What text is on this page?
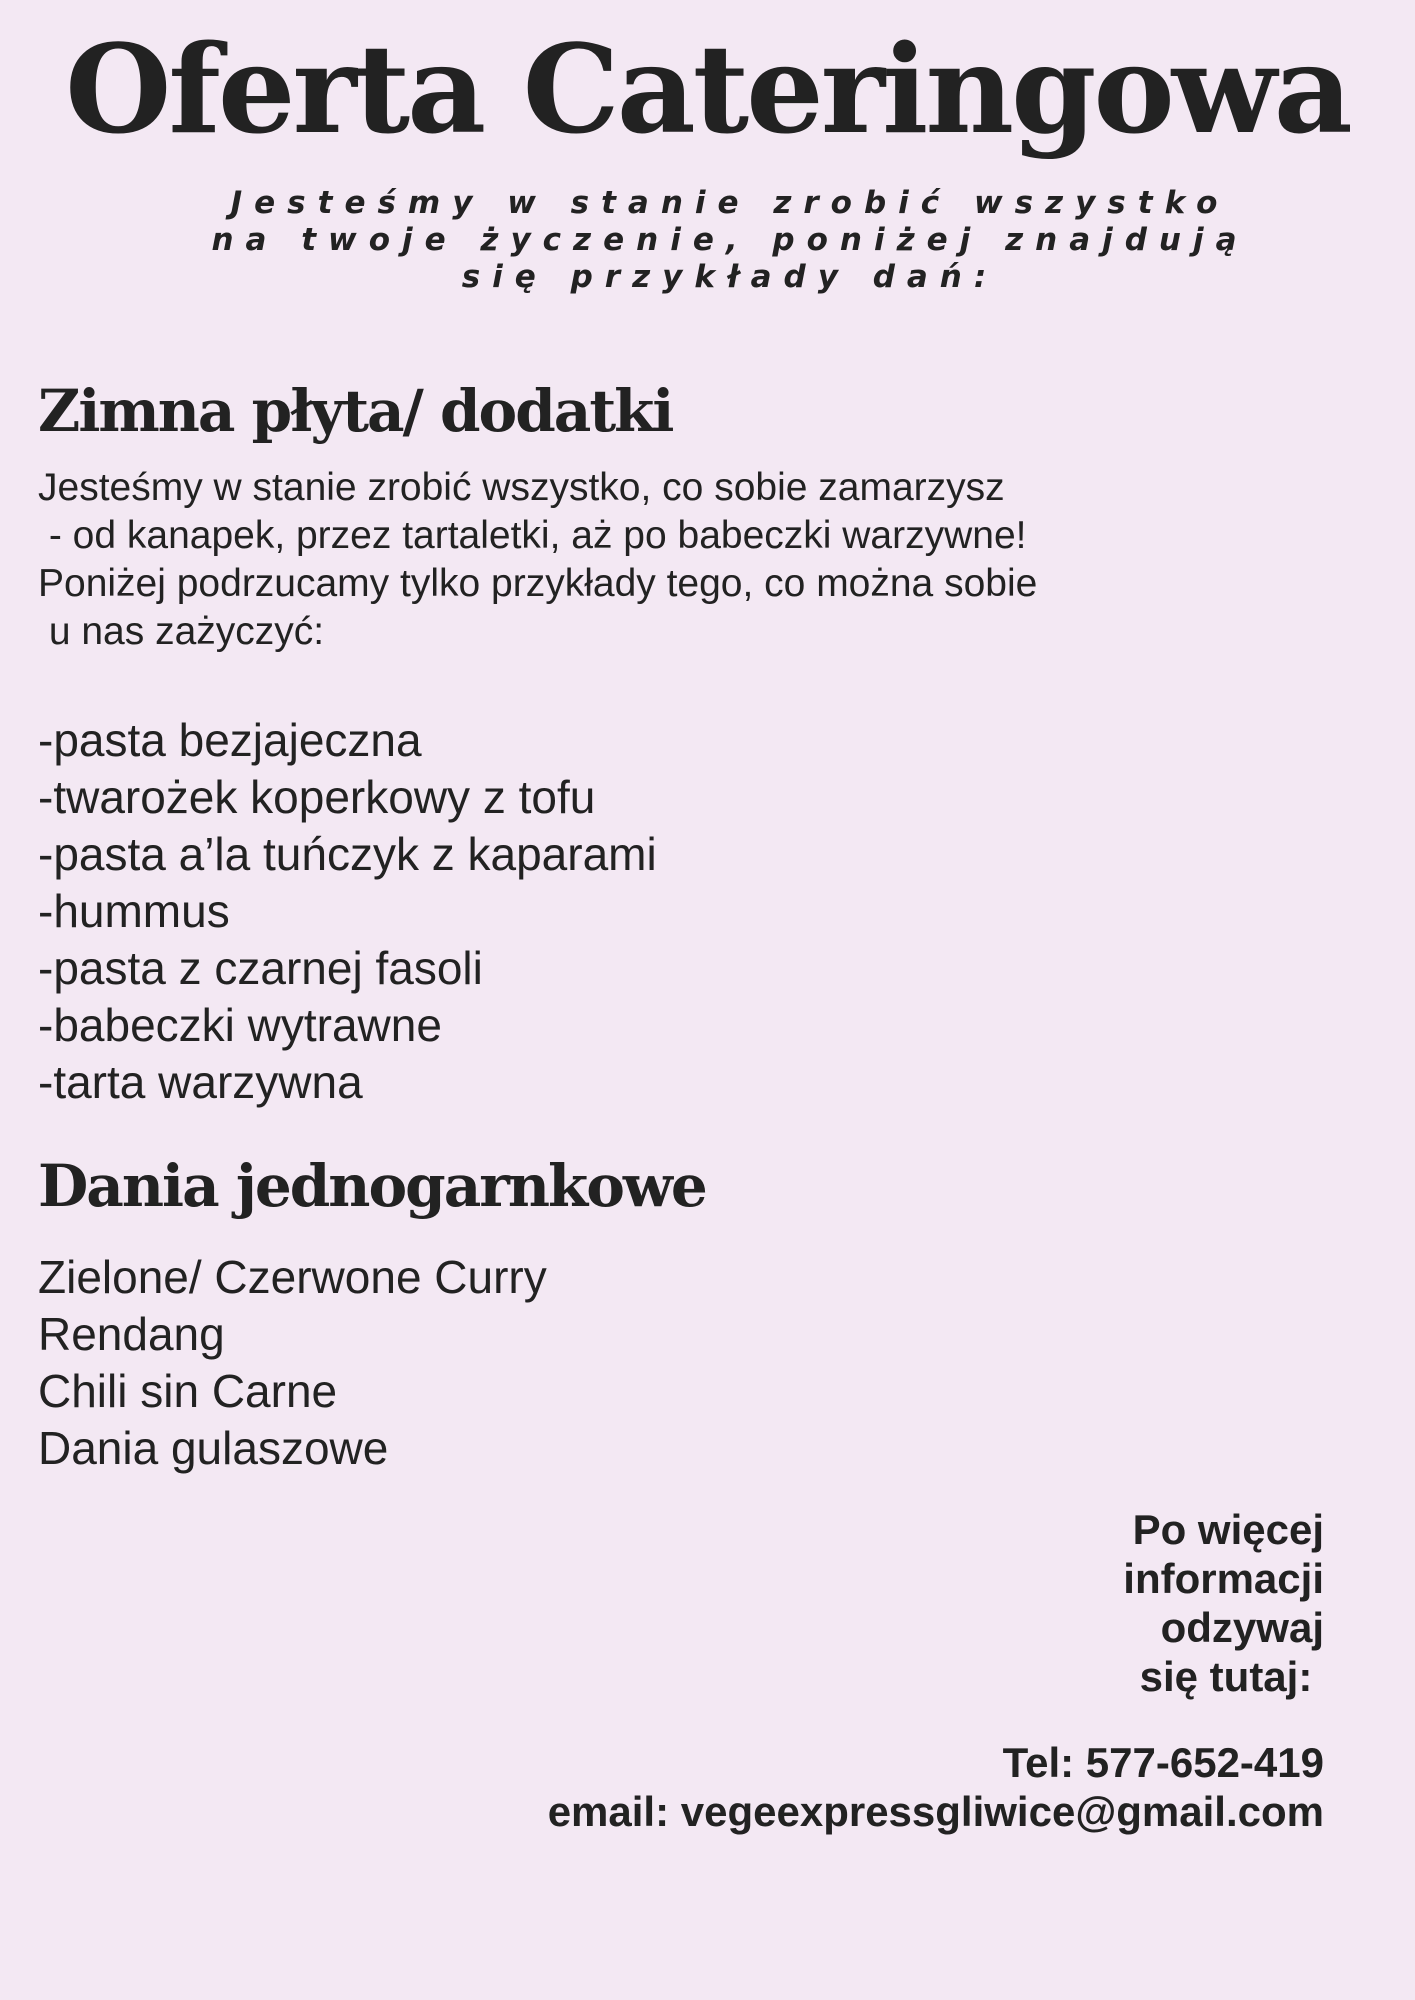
Oferta Cateringowa
Jesteśmy w stanie zrobić wszystko
na twoje życzenie, poniżej znajdują
się przykłady dań:
Zimna płyta/ dodatki
Jesteśmy w stanie zrobić wszystko, co sobie zamarzysz
- od kanapek, przez tartaletki, aż po babeczki warzywne!
Poniżej podrzucamy tylko przykłady tego, co można sobie
u nas zażyczyć:
-pasta bezjajeczna
-twarożek koperkowy z tofu
-pasta a’la tuńczyk z kaparami
-hummus
-pasta z czarnej fasoli
-babeczki wytrawne
-tarta warzywna
Dania jednogarnkowe
Zielone/ Czerwone Curry
Rendang
Chili sin Carne
Dania gulaszowe
Po więcej
informacji
odzywaj
się tutaj:
Tel: 577-652-419
email: vegeexpressgliwice@gmail.com
